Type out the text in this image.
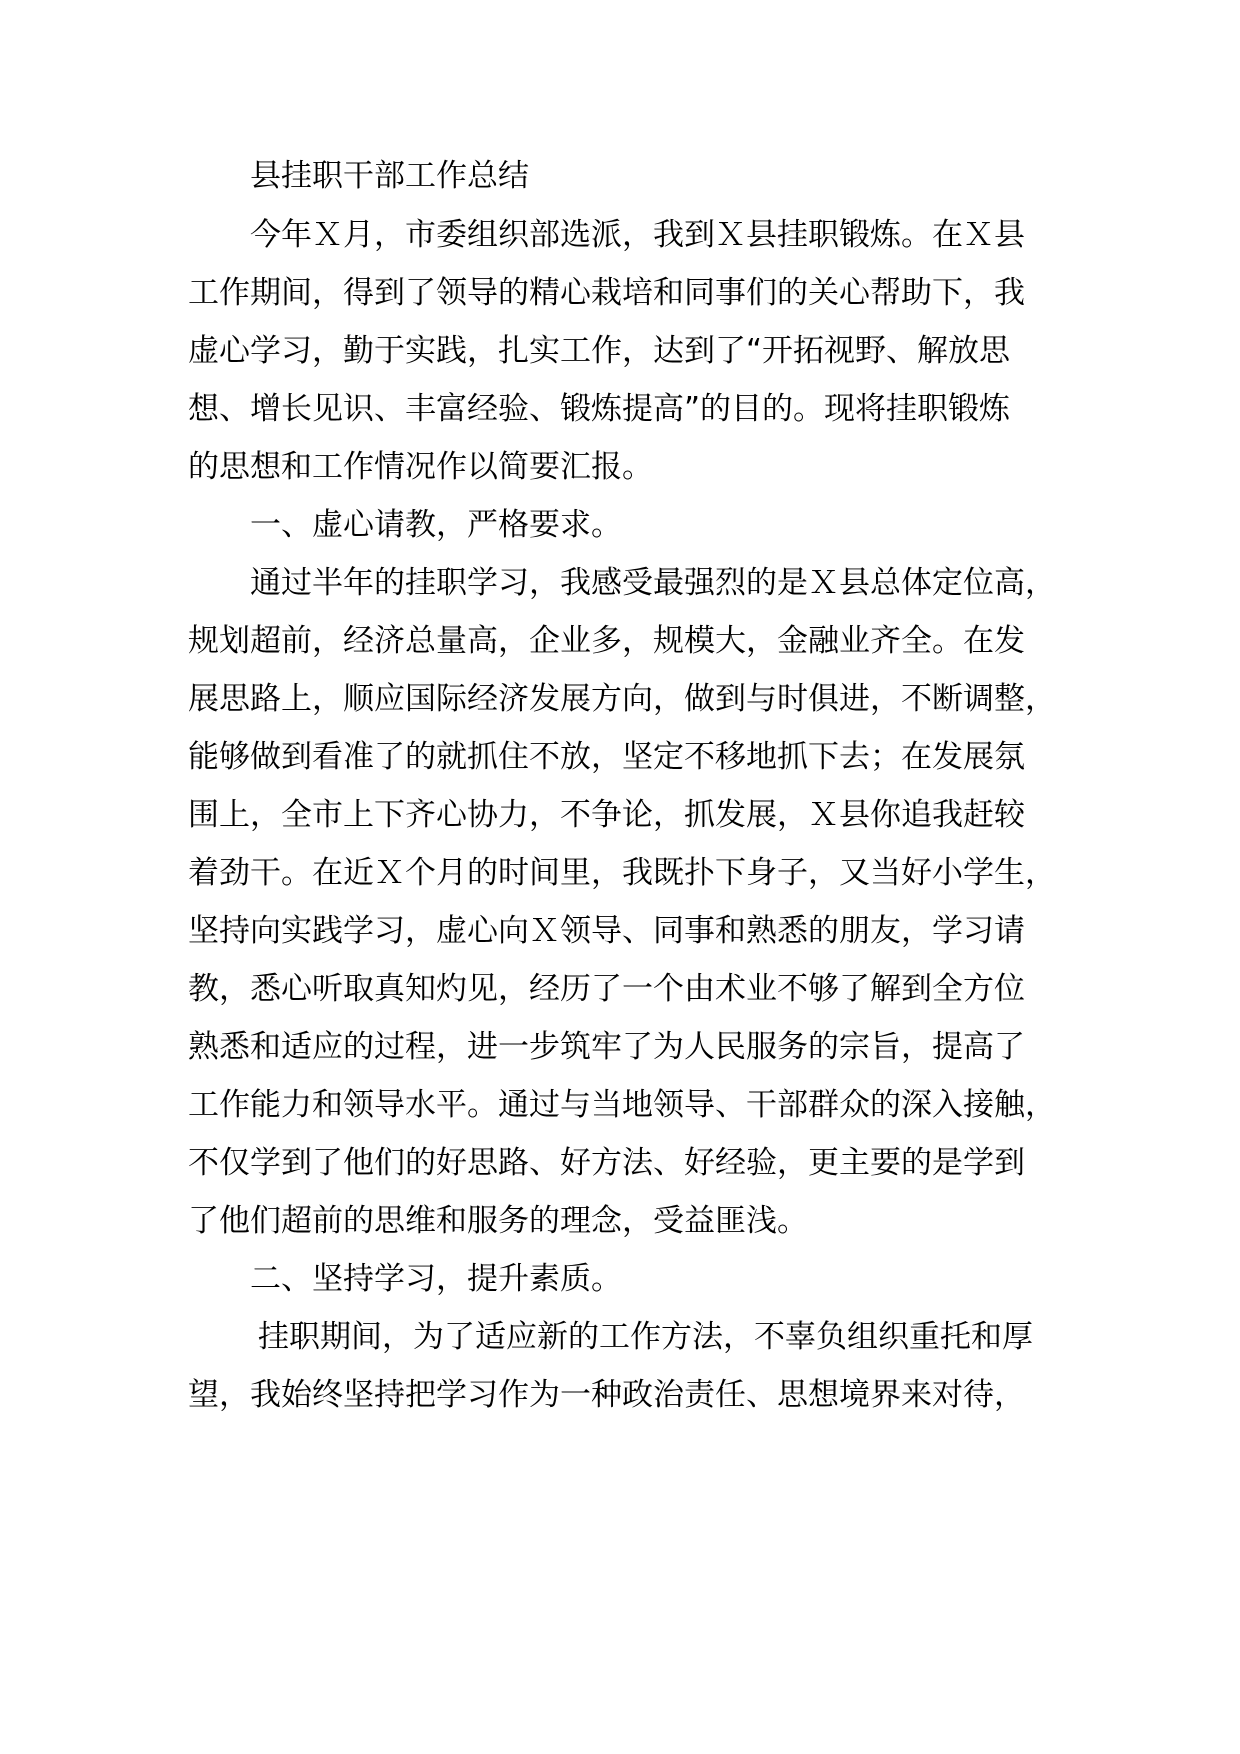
县挂职干部工作总结

今年Ｘ月，市委组织部选派，我到Ｘ县挂职锻炼。在Ｘ县

工作期间，得到了领导的精心栽培和同事们的关心帮助下，我

虚心学习，勤于实践，扎实工作，达到了“开拓视野、解放思

想、增长见识、丰富经验、锻炼提高”的目的。现将挂职锻炼

的思想和工作情况作以简要汇报。

一、虚心请教，严格要求。

通过半年的挂职学习，我感受最强烈的是Ｘ县总体定位高，

规划超前，经济总量高，企业多，规模大，金融业齐全。在发

展思路上，顺应国际经济发展方向，做到与时俱进，不断调整，

能够做到看准了的就抓住不放，坚定不移地抓下去；在发展氛

围上，全市上下齐心协力，不争论，抓发展，Ｘ县你追我赶较

着劲干。在近Ｘ个月的时间里，我既扑下身子，又当好小学生，

坚持向实践学习，虚心向Ｘ领导、同事和熟悉的朋友，学习请

教，悉心听取真知灼见，经历了一个由术业不够了解到全方位

熟悉和适应的过程，进一步筑牢了为人民服务的宗旨，提高了

工作能力和领导水平。通过与当地领导、干部群众的深入接触，

不仅学到了他们的好思路、好方法、好经验，更主要的是学到

了他们超前的思维和服务的理念，受益匪浅。

二、坚持学习，提升素质。

挂职期间，为了适应新的工作方法，不辜负组织重托和厚

望，我始终坚持把学习作为一种政治责任、思想境界来对待，
